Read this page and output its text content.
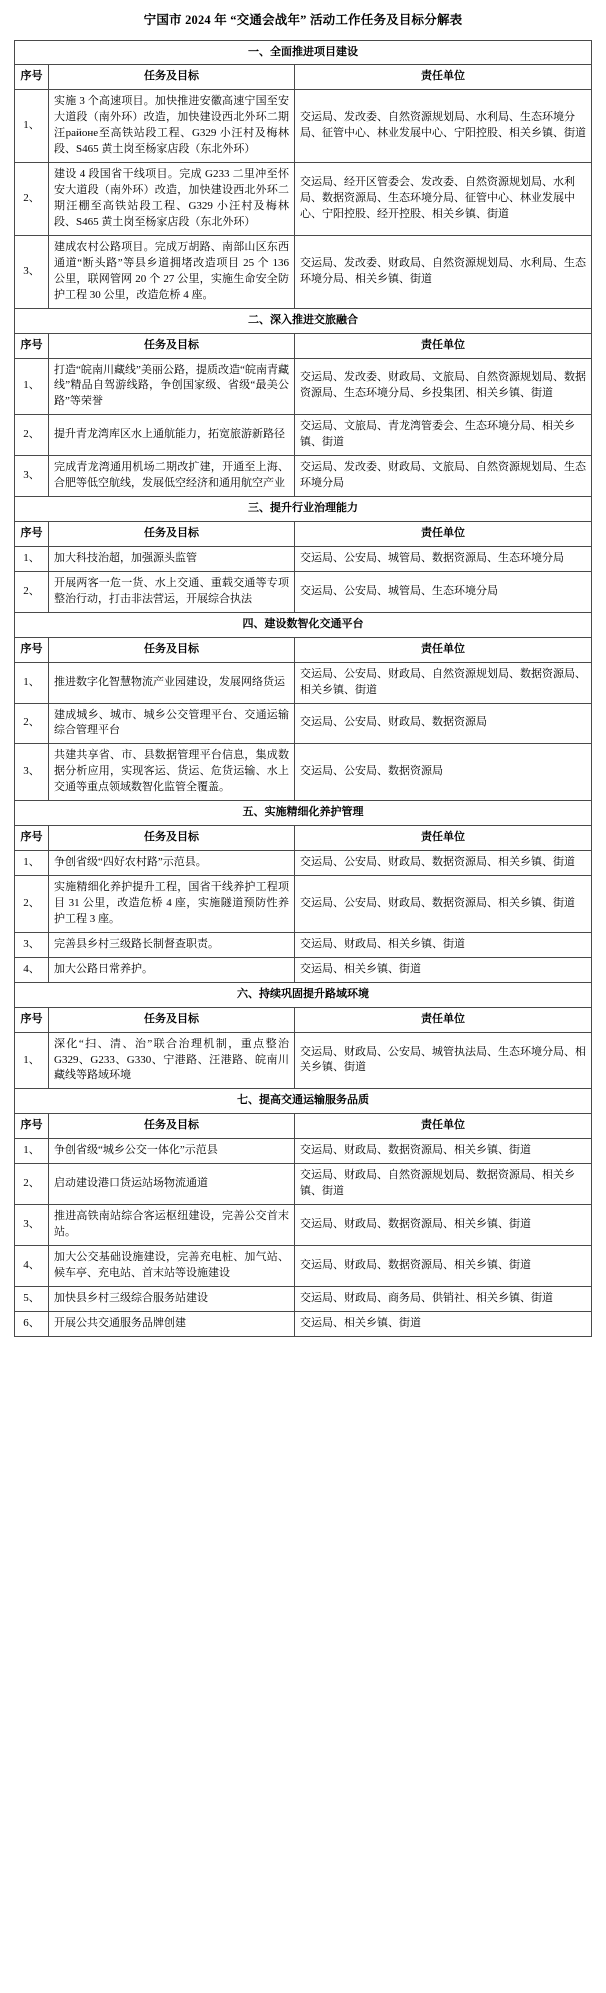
宁国市 2024 年 “交通会战年” 活动工作任务及目标分解表
一、全面推进项目建设		
序号	任务及目标	责任单位
1、	实施 3 个高速项目。加快推进安徽高速宁国至安大道段（南外环）改造，加快建设西北外环二期汪районе至高铁站段工程、G329 小汪村及梅林段、S465 黄土岗至杨家店段（东北外环）	交运局、发改委、自然资源规划局、水利局、生态环境分局、征管中心、林业发展中心、宁阳控股、相关乡镇、街道
2、	建设 4 段国省干线项目。完成 G233 二里冲至怀安大道段（南外环）改造，加快建设西北外环二期汪棚至高铁站段工程、G329 小汪村及梅林段、S465 黄土岗至杨家店段（东北外环）	交运局、经开区管委会、发改委、自然资源规划局、水利局、数据资源局、生态环境分局、征管中心、林业发展中心、宁阳控股、经开控股、相关乡镇、街道
3、	建成农村公路项目。完成万胡路、南部山区东西通道“断头路”等县乡道拥堵改造项目 25 个 136 公里，联网管网 20 个 27 公里，实施生命安全防护工程 30 公里，改造危桥 4 座。	交运局、发改委、财政局、自然资源规划局、水利局、生态环境分局、相关乡镇、街道
二、深入推进交旅融合		
序号	任务及目标	责任单位
1、	打造“皖南川藏线”美丽公路，提质改造“皖南青藏线”精品自驾游线路，争创国家级、省级“最美公路”等荣誉	交运局、发改委、财政局、文旅局、自然资源规划局、数据资源局、生态环境分局、乡投集团、相关乡镇、街道
2、	提升青龙湾库区水上通航能力，拓宽旅游新路径	交运局、文旅局、青龙湾管委会、生态环境分局、相关乡镇、街道
3、	完成青龙湾通用机场二期改扩建，开通至上海、合肥等低空航线，发展低空经济和通用航空产业	交运局、发改委、财政局、文旅局、自然资源规划局、生态环境分局
三、提升行业治理能力		
序号	任务及目标	责任单位
1、	加大科技治超，加强源头监管	交运局、公安局、城管局、数据资源局、生态环境分局
2、	开展两客一危一货、水上交通、重载交通等专项整治行动，打击非法营运，开展综合执法	交运局、公安局、城管局、生态环境分局
四、建设数智化交通平台		
序号	任务及目标	责任单位
1、	推进数字化智慧物流产业园建设，发展网络货运	交运局、公安局、财政局、自然资源规划局、数据资源局、相关乡镇、街道
2、	建成城乡、城市、城乡公交管理平台、交通运输综合管理平台	交运局、公安局、财政局、数据资源局
3、	共建共享省、市、县数据管理平台信息，集成数据分析应用，实现客运、货运、危货运输、水上交通等重点领域数智化监管全覆盖。	交运局、公安局、数据资源局
五、实施精细化养护管理		
序号	任务及目标	责任单位
1、	争创省级“四好农村路”示范县。	交运局、公安局、财政局、数据资源局、相关乡镇、街道
2、	实施精细化养护提升工程，国省干线养护工程项目 31 公里，改造危桥 4 座，实施隧道预防性养护工程 3 座。	交运局、公安局、财政局、数据资源局、相关乡镇、街道
3、	完善县乡村三级路长制督查职责。	交运局、财政局、相关乡镇、街道
4、	加大公路日常养护。	交运局、相关乡镇、街道
六、持续巩固提升路域环境		
序号	任务及目标	责任单位
1、	深化“扫、清、治”联合治理机制，重点整治 G329、G233、G330、宁港路、汪港路、皖南川藏线等路域环境	交运局、财政局、公安局、城管执法局、生态环境分局、相关乡镇、街道
七、提高交通运输服务品质		
序号	任务及目标	责任单位
1、	争创省级“城乡公交一体化”示范县	交运局、财政局、数据资源局、相关乡镇、街道
2、	启动建设港口货运站场物流通道	交运局、财政局、自然资源规划局、数据资源局、相关乡镇、街道
3、	推进高铁南站综合客运枢纽建设，完善公交首末站。	交运局、财政局、数据资源局、相关乡镇、街道
4、	加大公交基础设施建设，完善充电桩、加气站、候车亭、充电站、首末站等设施建设	交运局、财政局、数据资源局、相关乡镇、街道
5、	加快县乡村三级综合服务站建设	交运局、财政局、商务局、供销社、相关乡镇、街道
6、	开展公共交通服务品牌创建	交运局、相关乡镇、街道
